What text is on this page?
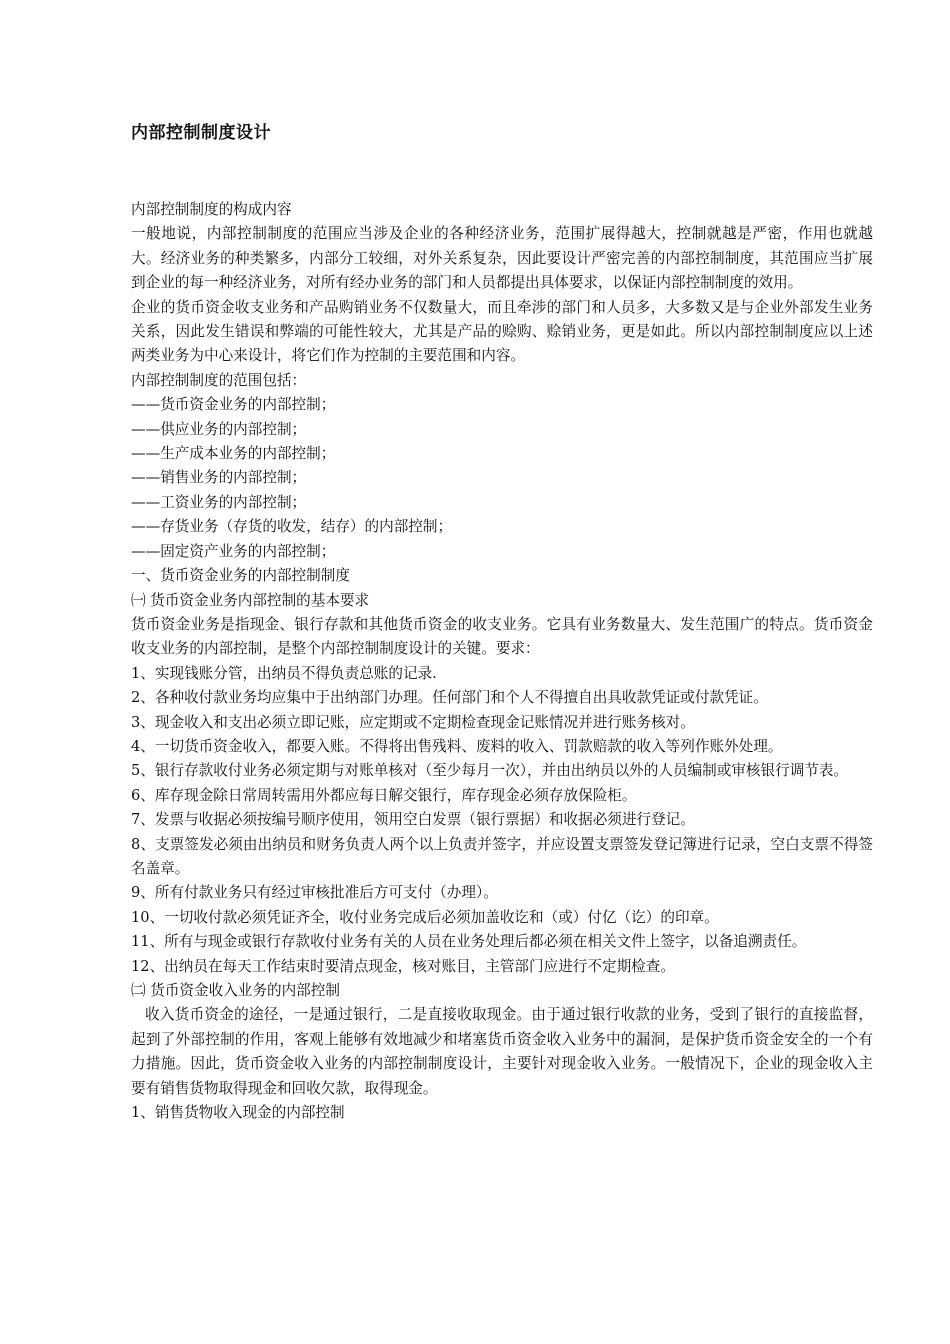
内部控制制度设计

内部控制制度的构成内容

一般地说，内部控制制度的范围应当涉及企业的各种经济业务，范围扩展得越大，控制就越是严密，作用也就越大。经济业务的种类繁多，内部分工较细，对外关系复杂，因此要设计严密完善的内部控制制度，其范围应当扩展到企业的每一种经济业务，对所有经办业务的部门和人员都提出具体要求，以保证内部控制制度的效用。

企业的货币资金收支业务和产品购销业务不仅数量大，而且牵涉的部门和人员多，大多数又是与企业外部发生业务关系，因此发生错误和弊端的可能性较大，尤其是产品的赊购、赊销业务，更是如此。所以内部控制制度应以上述两类业务为中心来设计，将它们作为控制的主要范围和内容。

内部控制制度的范围包括：

——货币资金业务的内部控制；

——供应业务的内部控制；

——生产成本业务的内部控制；

——销售业务的内部控制；

——工资业务的内部控制；

——存货业务（存货的收发，结存）的内部控制；

——固定资产业务的内部控制；

一、货币资金业务的内部控制制度

㈠ 货币资金业务内部控制的基本要求

货币资金业务是指现金、银行存款和其他货币资金的收支业务。它具有业务数量大、发生范围广的特点。货币资金收支业务的内部控制，是整个内部控制制度设计的关键。要求：

1、实现钱账分管，出纳员不得负责总账的记录.

2、各种收付款业务均应集中于出纳部门办理。任何部门和个人不得擅自出具收款凭证或付款凭证。

3、现金收入和支出必须立即记账，应定期或不定期检查现金记账情况并进行账务核对。

4、一切货币资金收入，都要入账。不得将出售残料、废料的收入、罚款赔款的收入等列作账外处理。

5、银行存款收付业务必须定期与对账单核对（至少每月一次），并由出纳员以外的人员编制或审核银行调节表。

6、库存现金除日常周转需用外都应每日解交银行，库存现金必须存放保险柜。

7、发票与收据必须按编号顺序使用，领用空白发票（银行票据）和收据必须进行登记。

8、支票签发必须由出纳员和财务负责人两个以上负责并签字，并应设置支票签发登记簿进行记录，空白支票不得签名盖章。

9、所有付款业务只有经过审核批准后方可支付（办理）。

10、一切收付款必须凭证齐全，收付业务完成后必须加盖收讫和（或）付亿（讫）的印章。

11、所有与现金或银行存款收付业务有关的人员在业务处理后都必须在相关文件上签字，以备追溯责任。

12、出纳员在每天工作结束时要清点现金，核对账目，主管部门应进行不定期检查。

㈡ 货币资金收入业务的内部控制

收入货币资金的途径，一是通过银行，二是直接收取现金。由于通过银行收款的业务，受到了银行的直接监督，起到了外部控制的作用，客观上能够有效地减少和堵塞货币资金收入业务中的漏洞，是保护货币资金安全的一个有力措施。因此，货币资金收入业务的内部控制制度设计，主要针对现金收入业务。一般情况下，企业的现金收入主要有销售货物取得现金和回收欠款，取得现金。

1、销售货物收入现金的内部控制
